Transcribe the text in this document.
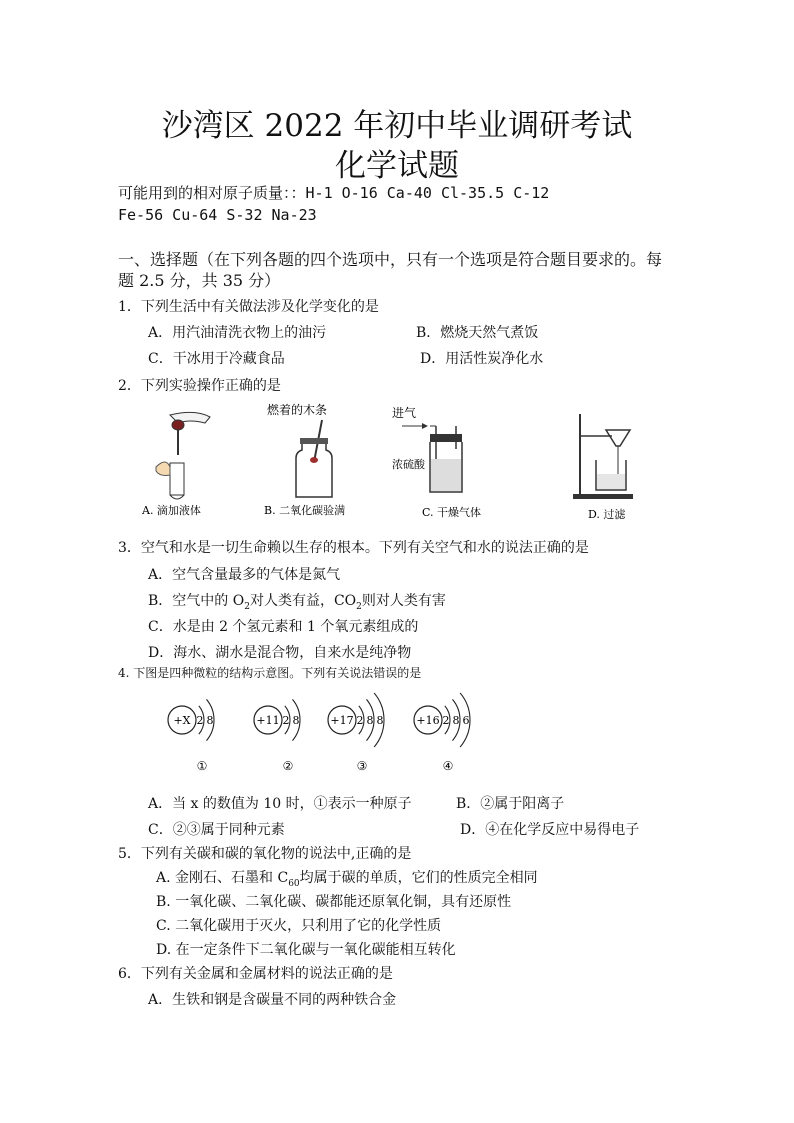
沙湾区 2022 年初中毕业调研考试
化学试题
可能用到的相对原子质量：：H-1 O-16 Ca-40 Cl-35.5 C-12
Fe-56 Cu-64 S-32 Na-23
一、选择题（在下列各题的四个选项中，只有一个选项是符合题目要求的。每
题 2.5 分，共 35 分）
1．下列生活中有关做法涉及化学变化的是
A．用汽油清洗衣物上的油污	B．燃烧天然气煮饭
C．干冰用于冷藏食品	D．用活性炭净化水
2．下列实验操作正确的是
A. 滴加液体
燃着的木条
B. 二氧化碳验满
进气
浓硫酸
C. 干燥气体	D. 过滤
3．空气和水是一切生命赖以生存的根本。下列有关空气和水的说法正确的是
A．空气含量最多的气体是氮气
B．空气中的 $O_2$对人类有益，$CO_2$则对人类有害
C．水是由 2 个氢元素和 1 个氧元素组成的
D．海水、湖水是混合物，自来水是纯净物
4. 下图是四种微粒的结构示意图。下列有关说法错误的是
+X 2 8
①
+11 2 8
②
+17 2 8 8
③
+16 2 8 6
④
A．当 x 的数值为 10 时，①表示一种原子	B．②属于阳离子
C．②③属于同种元素	D．④在化学反应中易得电子
5．下列有关碳和碳的氧化物的说法中,正确的是
A. 金刚石、石墨和 $C_{60}$均属于碳的单质，它们的性质完全相同
B. 一氧化碳、二氧化碳、碳都能还原氧化铜，具有还原性
C. 二氧化碳用于灭火，只利用了它的化学性质
D. 在一定条件下二氧化碳与一氧化碳能相互转化
6．下列有关金属和金属材料的说法正确的是
A．生铁和钢是含碳量不同的两种铁合金
